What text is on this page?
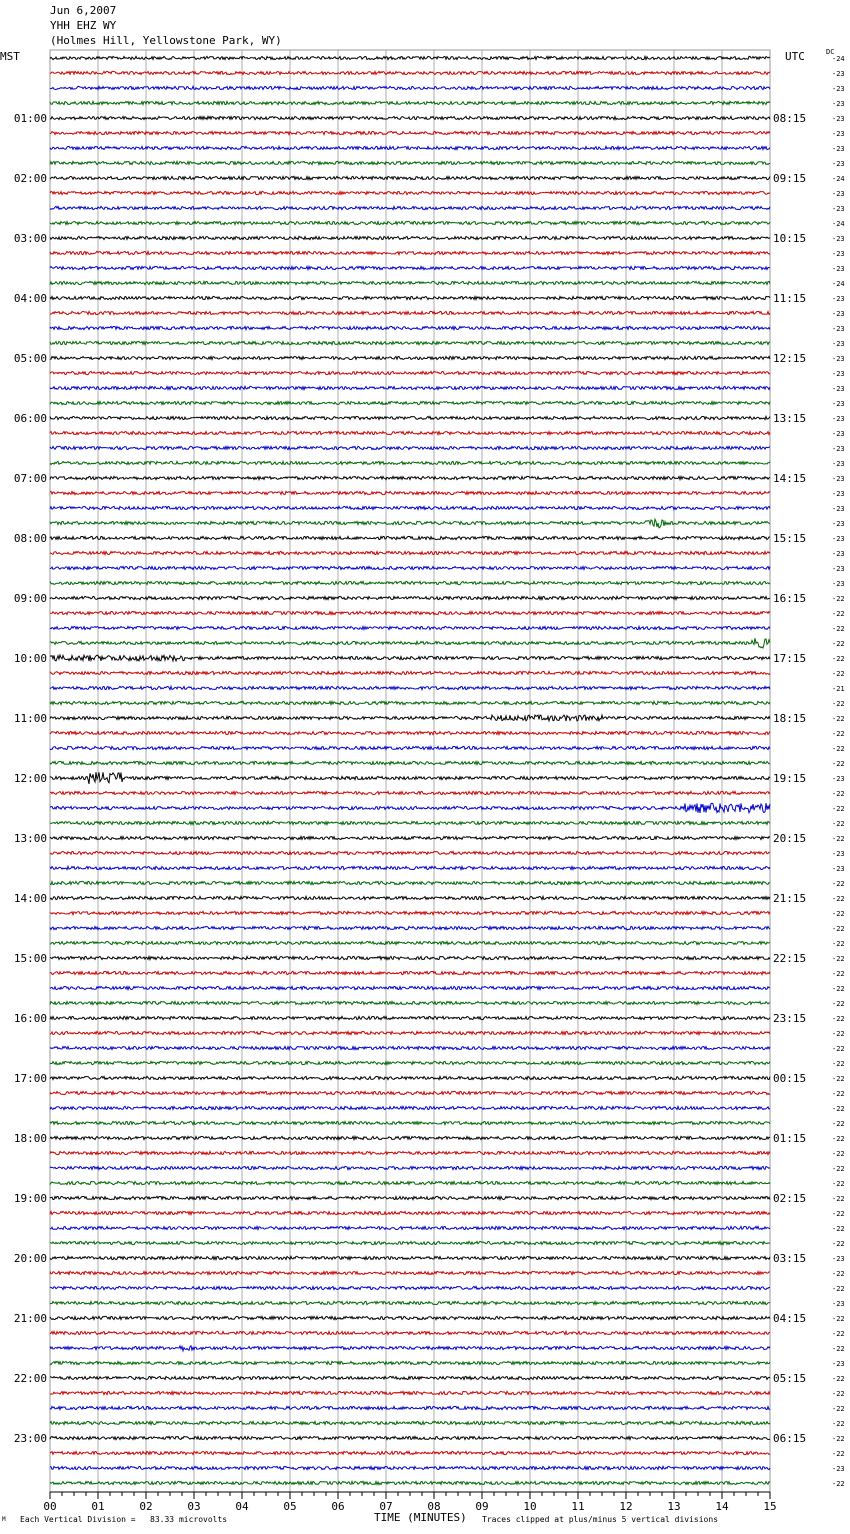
Jun 6,2007
YHH EHZ WY
(Holmes Hill, Yellowstone Park, WY)
MST	UTC	DC
-24
-23
-23
-23
-23
-23
-23
-23
-24
-23
-23
-24
-23
-23
-23
-24
-23
-23
-23
-23
-23
-23
-23
-23
-23
-23
-23
-23
-23
-23
-23
-23
-23
-23
-23
-23
-22
-22
-22
-22
-22
-22
-21
-22
-22
-22
-22
-22
-23
-22
-22
-22
-22
-23
-23
-22
-22
-22
-22
-22
-22
-22
-22
-22
-22
-22
-22
-22
-22
-22
-22
-22
-22
-22
-22
-22
-22
-22
-22
-22
-23
-22
-22
-23
-22
-22
-22
-23
-22
-22
-22
-22
-22
-22
-23
-22
00	01	02	03	04	05	06	07	08	09	10	11	12	13	14	15
01:00	08:15
02:00	09:15
03:00	10:15
04:00	11:15
05:00	12:15
06:00	13:15
07:00	14:15
08:00	15:15
09:00	16:15
10:00	17:15
11:00	18:15
12:00	19:15
13:00	20:15
14:00	21:15
15:00	22:15
16:00	23:15
17:00	00:15
18:00	01:15
19:00	02:15
20:00	03:15
21:00	04:15
22:00	05:15
23:00	06:15
M Each Vertical Division =   83.33 microvolts	TIME (MINUTES) Traces clipped at plus/minus 5 vertical divisions
